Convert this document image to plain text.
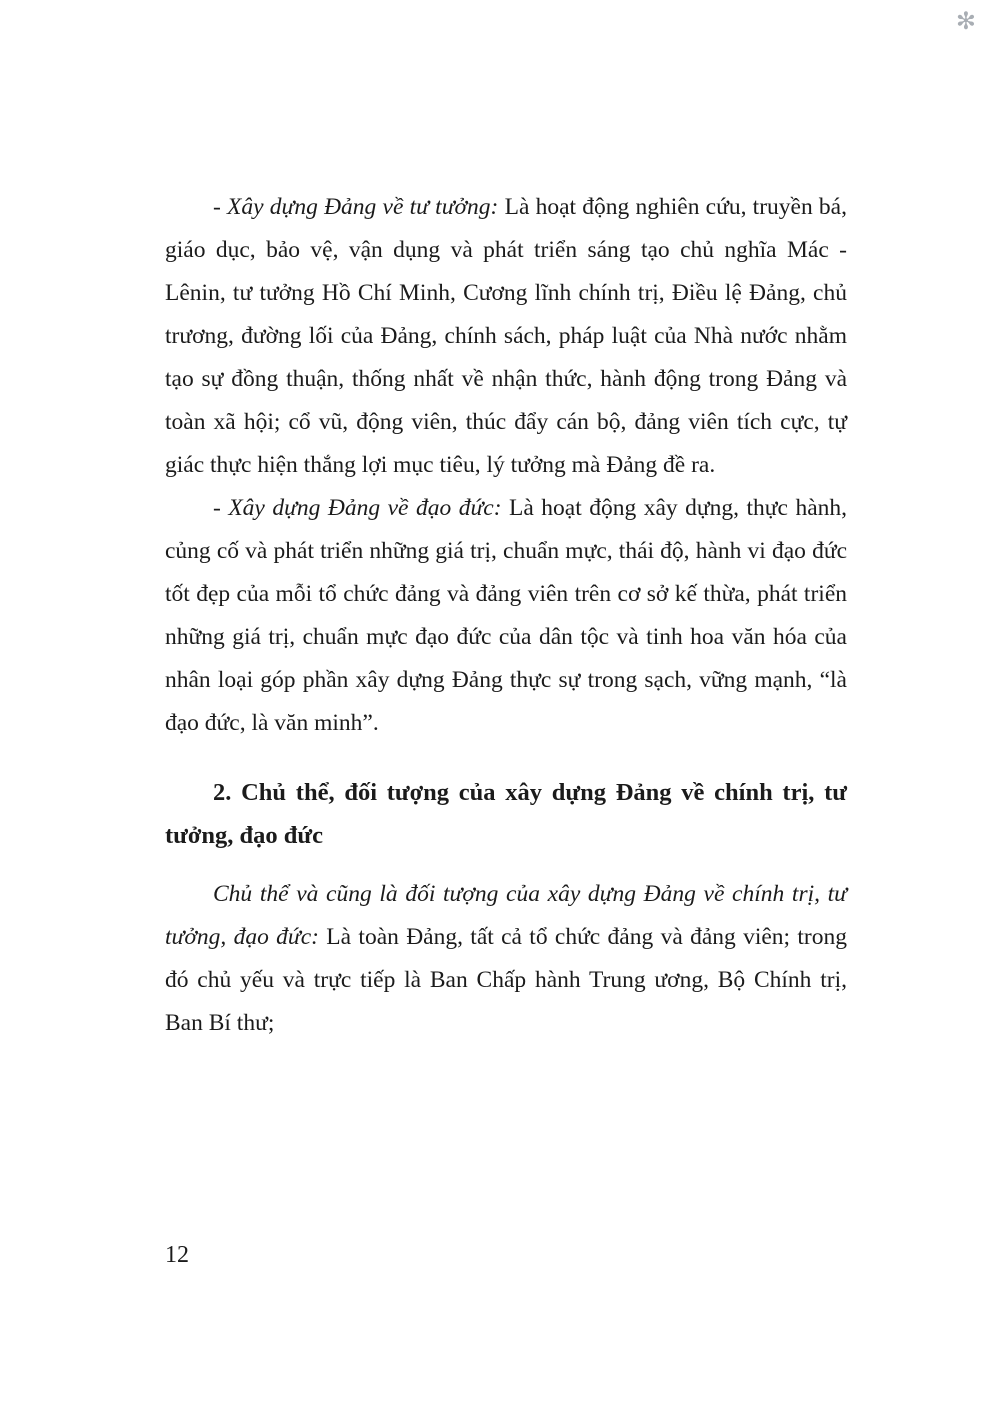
✻

- Xây dựng Đảng về tư tưởng: Là hoạt động nghiên cứu, truyền bá, giáo dục, bảo vệ, vận dụng và phát triển sáng tạo chủ nghĩa Mác - Lênin, tư tưởng Hồ Chí Minh, Cương lĩnh chính trị, Điều lệ Đảng, chủ trương, đường lối của Đảng, chính sách, pháp luật của Nhà nước nhằm tạo sự đồng thuận, thống nhất về nhận thức, hành động trong Đảng và toàn xã hội; cổ vũ, động viên, thúc đẩy cán bộ, đảng viên tích cực, tự giác thực hiện thắng lợi mục tiêu, lý tưởng mà Đảng đề ra.

- Xây dựng Đảng về đạo đức: Là hoạt động xây dựng, thực hành, củng cố và phát triển những giá trị, chuẩn mực, thái độ, hành vi đạo đức tốt đẹp của mỗi tổ chức đảng và đảng viên trên cơ sở kế thừa, phát triển những giá trị, chuẩn mực đạo đức của dân tộc và tinh hoa văn hóa của nhân loại góp phần xây dựng Đảng thực sự trong sạch, vững mạnh, “là đạo đức, là văn minh”.

2. Chủ thể, đối tượng của xây dựng Đảng về chính trị, tư tưởng, đạo đức

Chủ thể và cũng là đối tượng của xây dựng Đảng về chính trị, tư tưởng, đạo đức: Là toàn Đảng, tất cả tổ chức đảng và đảng viên; trong đó chủ yếu và trực tiếp là Ban Chấp hành Trung ương, Bộ Chính trị, Ban Bí thư;

12
